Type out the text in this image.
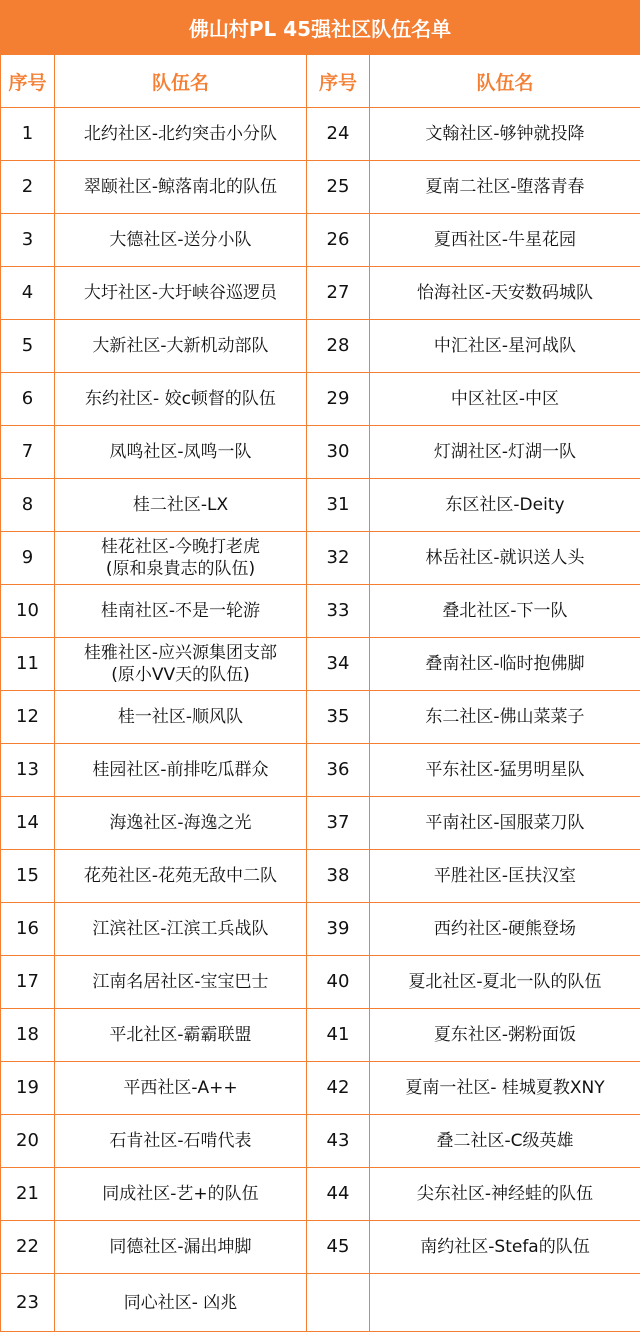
佛山村PL 45强社区队伍名单
序号	队伍名	序号	队伍名
1	北约社区-北约突击小分队	24	文翰社区-够钟就投降

2	翠颐社区-鲸落南北的队伍	25	夏南二社区-堕落青春

3	大德社区-送分小队	26	夏西社区-牛星花园

4	大圩社区-大圩峡谷巡逻员	27	怡海社区-天安数码城队

5	大新社区-大新机动部队	28	中汇社区-星河战队

6	东约社区- 姣c顿督的队伍	29	中区社区-中区

7	凤鸣社区-凤鸣一队	30	灯湖社区-灯湖一队

8	桂二社区-LX	31	东区社区-Deity

9	桂花社区-今晚打老虎
(原和泉貴志的队伍)	32	林岳社区-就识送人头

10	桂南社区-不是一轮游	33	叠北社区-下一队

11	桂雅社区-应兴源集团支部
(原小VV天的队伍)	34	叠南社区-临时抱佛脚

12	桂一社区-顺风队	35	东二社区-佛山菜菜子

13	桂园社区-前排吃瓜群众	36	平东社区-猛男明星队

14	海逸社区-海逸之光	37	平南社区-国服菜刀队

15	花苑社区-花苑无敌中二队	38	平胜社区-匡扶汉室

16	江滨社区-江滨工兵战队	39	西约社区-硬熊登场

17	江南名居社区-宝宝巴士	40	夏北社区-夏北一队的队伍

18	平北社区-霸霸联盟	41	夏东社区-粥粉面饭

19	平西社区-A++	42	夏南一社区- 桂城夏教XNY

20	石肯社区-石啃代表	43	叠二社区-C级英雄

21	同成社区-艺+的队伍	44	尖东社区-神经蛙的队伍

22	同德社区-漏出坤脚	45	南约社区-Stefa的队伍

23	同心社区- 凶兆		
